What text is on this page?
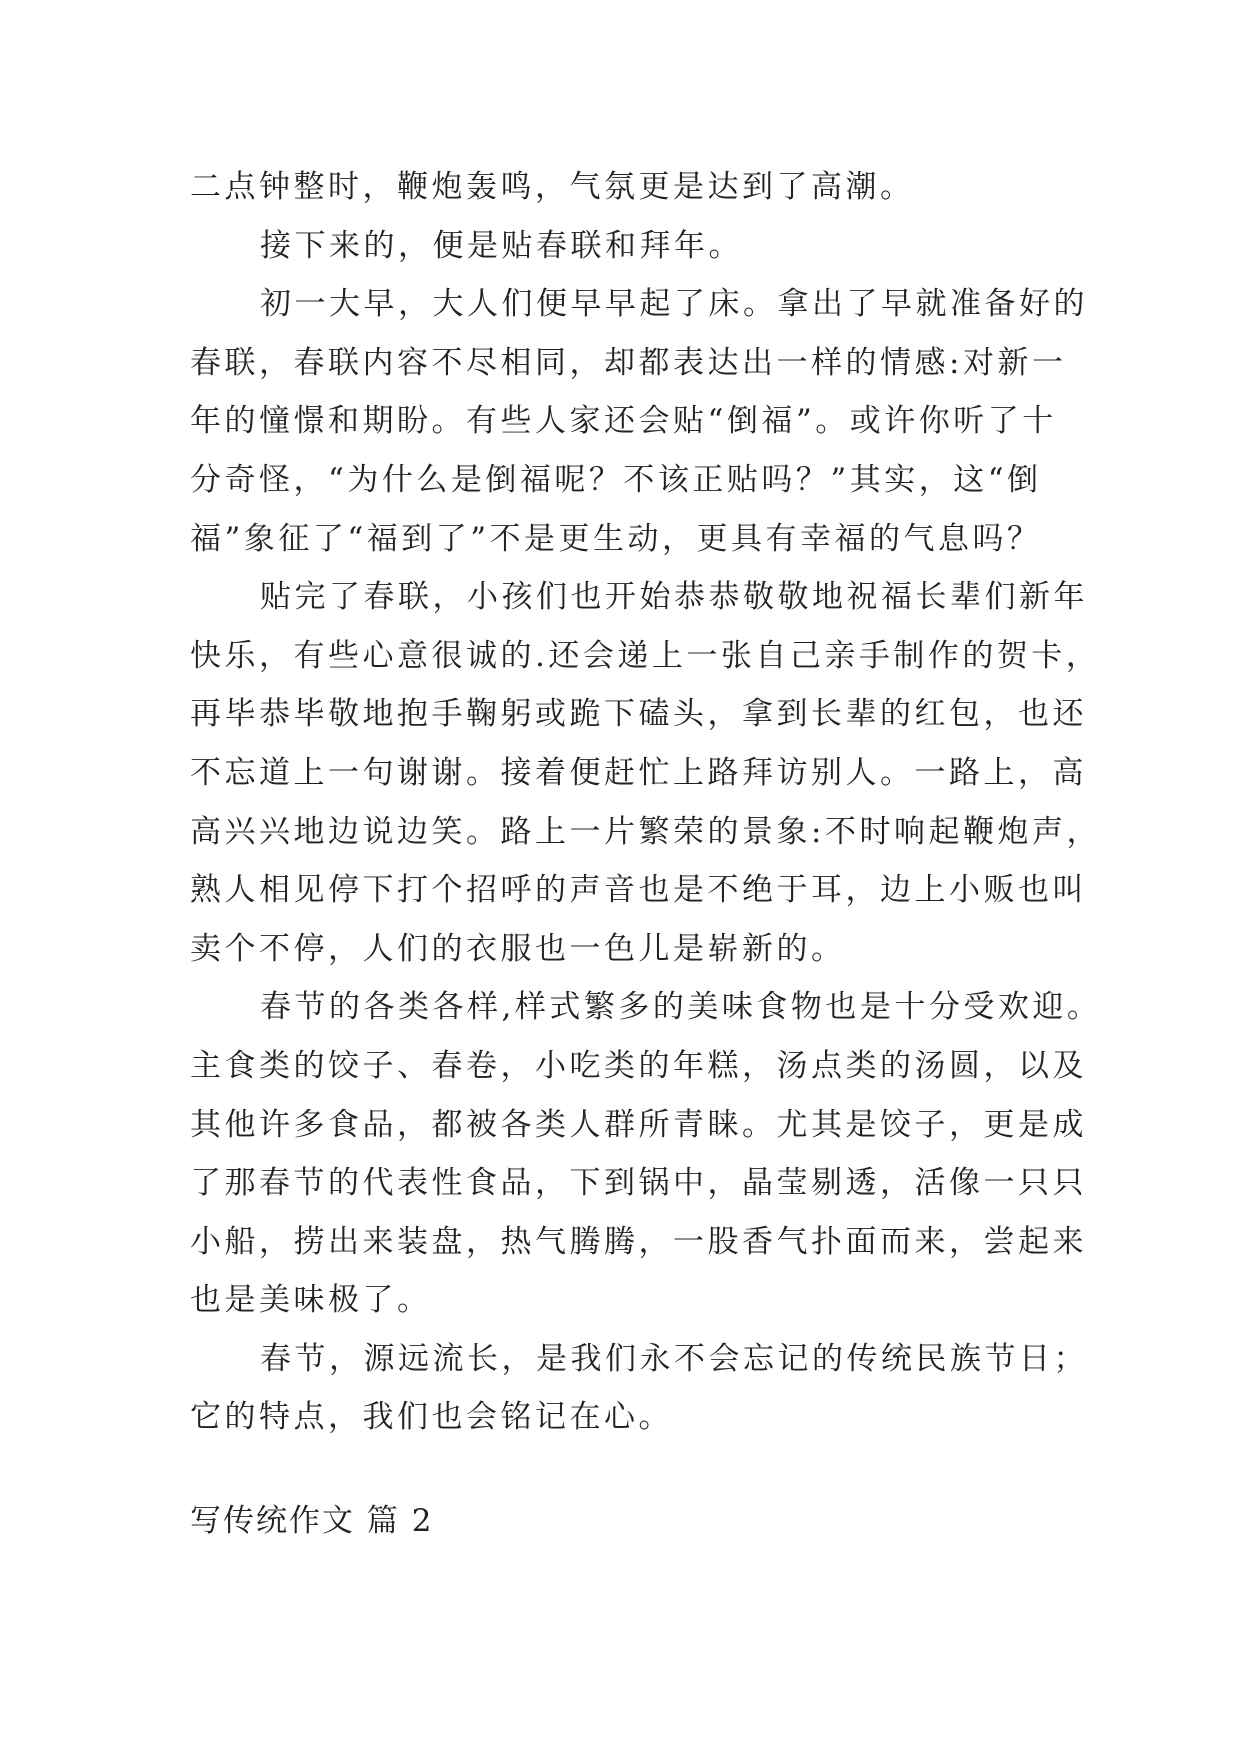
二点钟整时，鞭炮轰鸣，气氛更是达到了高潮。

接下来的，便是贴春联和拜年。

初一大早，大人们便早早起了床。拿出了早就准备好的

春联，春联内容不尽相同，却都表达出一样的情感:对新一

年的憧憬和期盼。有些人家还会贴“倒福”。或许你听了十

分奇怪，“为什么是倒福呢？不该正贴吗？”其实，这“倒

福”象征了“福到了”不是更生动，更具有幸福的气息吗？

贴完了春联，小孩们也开始恭恭敬敬地祝福长辈们新年

快乐，有些心意很诚的.还会递上一张自己亲手制作的贺卡，

再毕恭毕敬地抱手鞠躬或跪下磕头，拿到长辈的红包，也还

不忘道上一句谢谢。接着便赶忙上路拜访别人。一路上，高

高兴兴地边说边笑。路上一片繁荣的景象:不时响起鞭炮声，

熟人相见停下打个招呼的声音也是不绝于耳，边上小贩也叫

卖个不停，人们的衣服也一色儿是崭新的。

春节的各类各样,样式繁多的美味食物也是十分受欢迎。

主食类的饺子、春卷，小吃类的年糕，汤点类的汤圆，以及

其他许多食品，都被各类人群所青睐。尤其是饺子，更是成

了那春节的代表性食品，下到锅中，晶莹剔透，活像一只只

小船，捞出来装盘，热气腾腾，一股香气扑面而来，尝起来

也是美味极了。

春节，源远流长，是我们永不会忘记的传统民族节日；

它的特点，我们也会铭记在心。

写传统作文 篇 2
